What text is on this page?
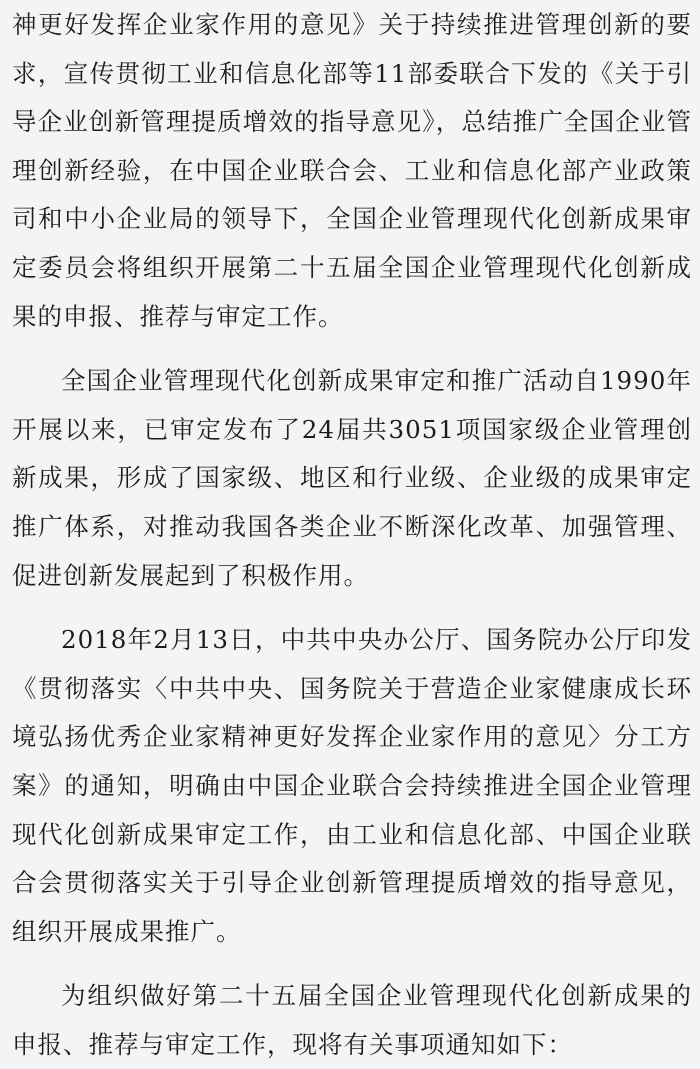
神更好发挥企业家作用的意见》关于持续推进管理创新的要求，宣传贯彻工业和信息化部等11部委联合下发的《关于引导企业创新管理提质增效的指导意见》，总结推广全国企业管理创新经验，在中国企业联合会、工业和信息化部产业政策司和中小企业局的领导下，全国企业管理现代化创新成果审定委员会将组织开展第二十五届全国企业管理现代化创新成果的申报、推荐与审定工作。

全国企业管理现代化创新成果审定和推广活动自1990年开展以来，已审定发布了24届共3051项国家级企业管理创新成果，形成了国家级、地区和行业级、企业级的成果审定推广体系，对推动我国各类企业不断深化改革、加强管理、促进创新发展起到了积极作用。

2018年2月13日，中共中央办公厅、国务院办公厅印发《贯彻落实〈中共中央、国务院关于营造企业家健康成长环境弘扬优秀企业家精神更好发挥企业家作用的意见〉分工方案》的通知，明确由中国企业联合会持续推进全国企业管理现代化创新成果审定工作，由工业和信息化部、中国企业联合会贯彻落实关于引导企业创新管理提质增效的指导意见，组织开展成果推广。

为组织做好第二十五届全国企业管理现代化创新成果的申报、推荐与审定工作，现将有关事项通知如下：
